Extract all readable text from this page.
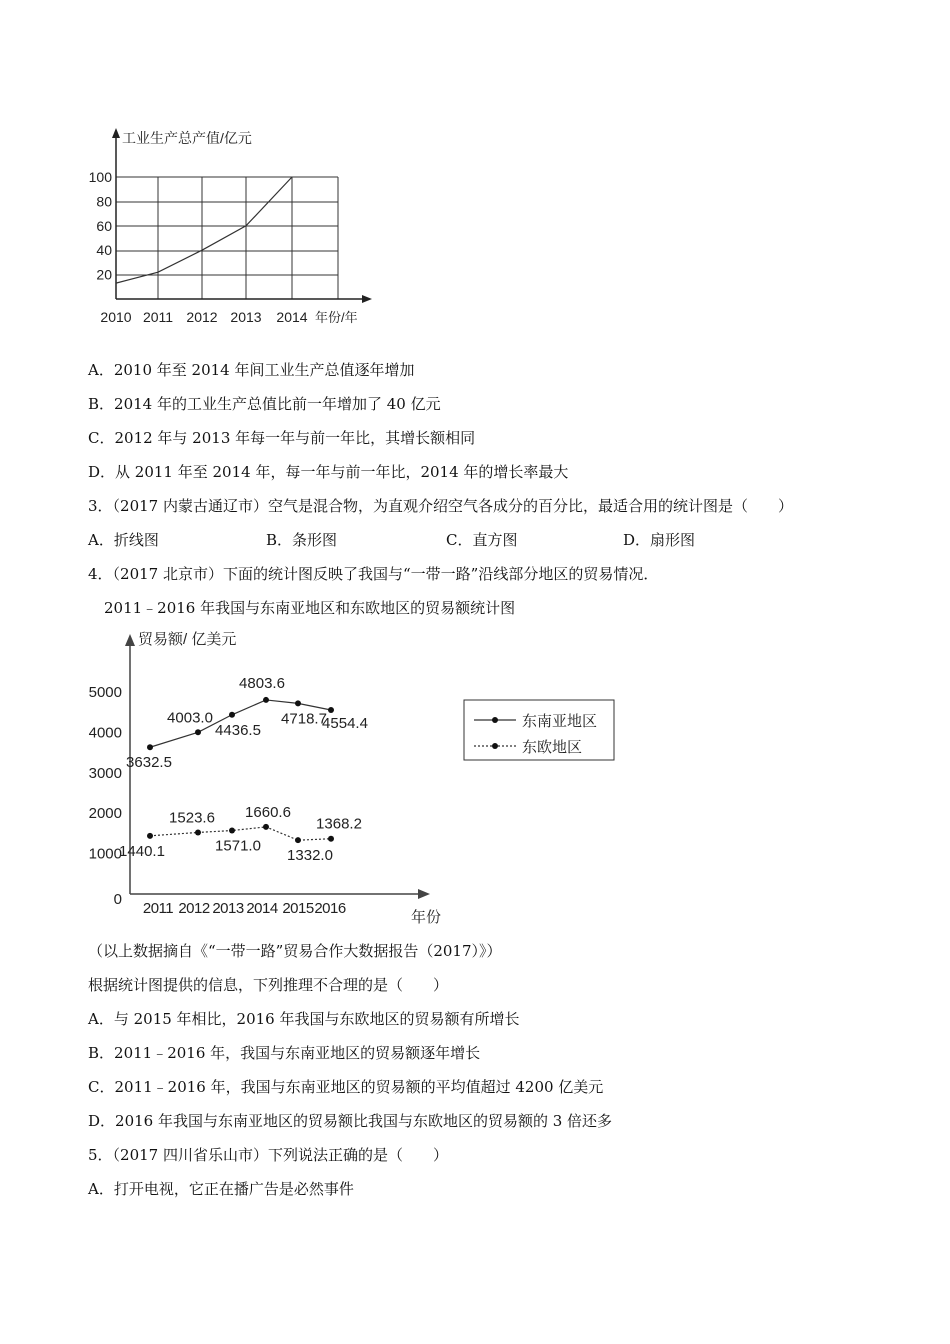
工业生产总产值/亿元
20
40
60
80
100
2010 2011 2012 2013 2014 年份/年
A．2010 年至 2014 年间工业生产总值逐年增加
B．2014 年的工业生产总值比前一年增加了 40 亿元
C．2012 年与 2013 年每一年与前一年比，其增长额相同
D．从 2011 年至 2014 年，每一年与前一年比，2014 年的增长率最大
3．（2017 内蒙古通辽市）空气是混合物，为直观介绍空气各成分的百分比，最适合用的统计图是（　　）
A．折线图	B．条形图	C．直方图	D．扇形图
4．（2017 北京市）下面的统计图反映了我国与“一带一路”沿线部分地区的贸易情况．
2011﹣2016 年我国与东南亚地区和东欧地区的贸易额统计图
贸易额/ 亿美元
年份
0
1000
2000
3000
4000
5000
2011 2012 2013 2014 2015 2016
3632.5
4003.0
4436.5
4803.6
4718.7
4554.4
1440.1
1523.6
1571.0
1660.6
1332.0
1368.2
东南亚地区
东欧地区
（以上数据摘自《“一带一路”贸易合作大数据报告（2017）》）
根据统计图提供的信息，下列推理不合理的是（　　）
A．与 2015 年相比，2016 年我国与东欧地区的贸易额有所增长
B．2011﹣2016 年，我国与东南亚地区的贸易额逐年增长
C．2011﹣2016 年，我国与东南亚地区的贸易额的平均值超过 4200 亿美元
D．2016 年我国与东南亚地区的贸易额比我国与东欧地区的贸易额的 3 倍还多
5．（2017 四川省乐山市）下列说法正确的是（　　）
A．打开电视，它正在播广告是必然事件
